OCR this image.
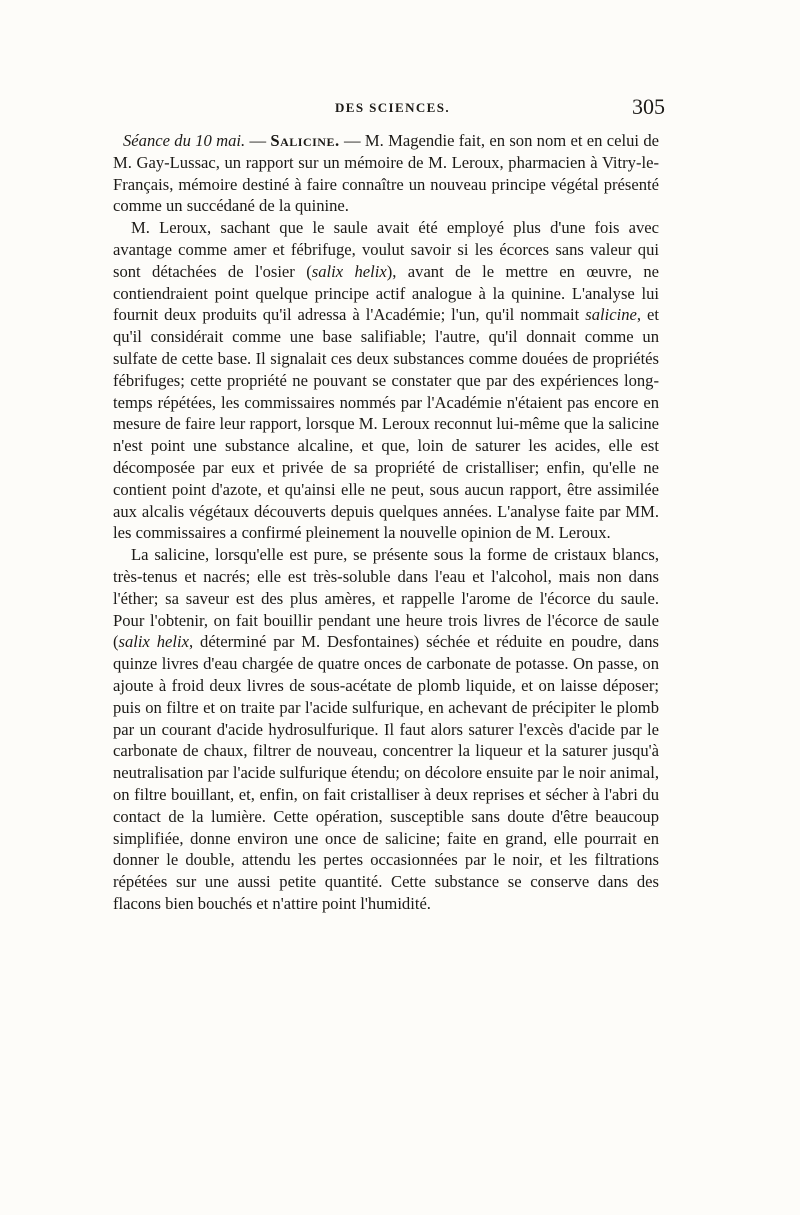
DES SCIENCES.	305

Séance du 10 mai. — Salicine. — M. Magendie fait, en son nom et en celui de M. Gay-Lussac, un rapport sur un mémoire de M. Leroux, pharmacien à Vitry-le-Français, mémoire destiné à faire connaître un nouveau principe végétal présenté comme un succédané de la quinine.

M. Leroux, sachant que le saule avait été employé plus d'une fois avec avantage comme amer et fébrifuge, voulut savoir si les écorces sans valeur qui sont détachées de l'osier (salix helix), avant de le mettre en œuvre, ne contiendraient point quelque principe actif analogue à la quinine. L'analyse lui fournit deux produits qu'il adressa à l'Académie; l'un, qu'il nommait salicine, et qu'il considérait comme une base salifiable; l'autre, qu'il donnait comme un sulfate de cette base. Il signalait ces deux substances comme douées de propriétés fébrifuges; cette propriété ne pouvant se constater que par des expériences long-temps répétées, les commissaires nommés par l'Académie n'étaient pas encore en mesure de faire leur rapport, lorsque M. Leroux reconnut lui-même que la salicine n'est point une substance alcaline, et que, loin de saturer les acides, elle est décomposée par eux et privée de sa propriété de cristalliser; enfin, qu'elle ne contient point d'azote, et qu'ainsi elle ne peut, sous aucun rapport, être assimilée aux alcalis végétaux découverts depuis quelques années. L'analyse faite par MM. les commissaires a confirmé pleinement la nouvelle opinion de M. Leroux.

La salicine, lorsqu'elle est pure, se présente sous la forme de cristaux blancs, très-tenus et nacrés; elle est très-soluble dans l'eau et l'alcohol, mais non dans l'éther; sa saveur est des plus amères, et rappelle l'arome de l'écorce du saule. Pour l'obtenir, on fait bouillir pendant une heure trois livres de l'écorce de saule (salix helix, déterminé par M. Desfontaines) séchée et réduite en poudre, dans quinze livres d'eau chargée de quatre onces de carbonate de potasse. On passe, on ajoute à froid deux livres de sous-acétate de plomb liquide, et on laisse déposer; puis on filtre et on traite par l'acide sulfurique, en achevant de précipiter le plomb par un courant d'acide hydrosulfurique. Il faut alors saturer l'excès d'acide par le carbonate de chaux, filtrer de nouveau, concentrer la liqueur et la saturer jusqu'à neutralisation par l'acide sulfurique étendu; on décolore ensuite par le noir animal, on filtre bouillant, et, enfin, on fait cristalliser à deux reprises et sécher à l'abri du contact de la lumière. Cette opération, susceptible sans doute d'être beaucoup simplifiée, donne environ une once de salicine; faite en grand, elle pourrait en donner le double, attendu les pertes occasionnées par le noir, et les filtrations répétées sur une aussi petite quantité. Cette substance se conserve dans des flacons bien bouchés et n'attire point l'humidité.
